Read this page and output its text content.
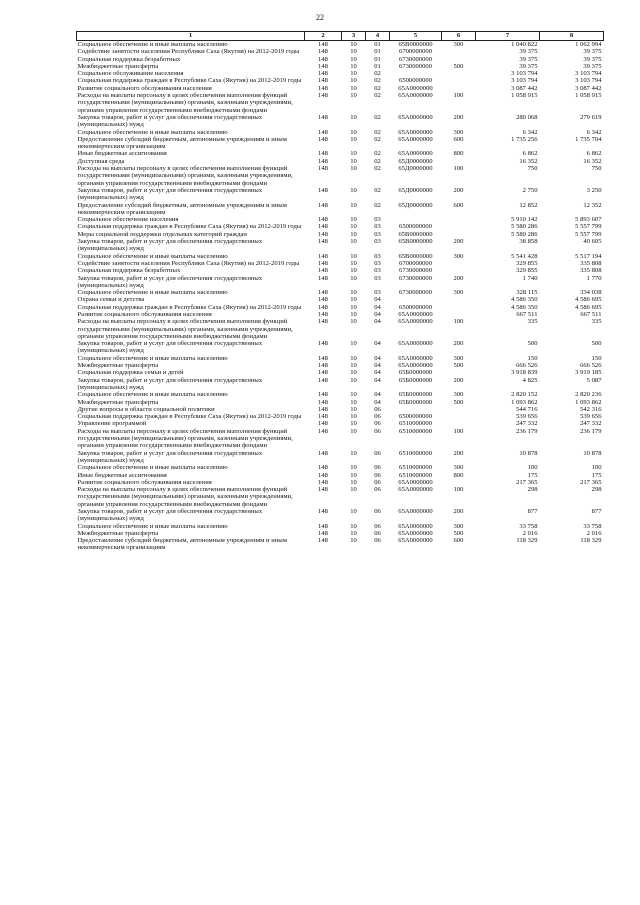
22
1	2	3	4	5	6	7	8
Социальное обеспечение и иные выплаты населению	148	10	01	65В0000000	300	1 040 822	1 062 994
Содействие занятости населения Республики Саха (Якутия) на 2012-2019 годы	148	10	01	6700000000		39 375	39 375
Социальная поддержка безработных	148	10	01	6730000000		39 375	39 375
Межбюджетные трансферты	148	10	01	6730000000	500	39 375	39 375
Социальное обслуживание населения	148	10	02			3 103 794	3 103 794
Социальная поддержка граждан в Республике Саха (Якутия) на 2012-2019 годы	148	10	02	6500000000		3 103 794	3 103 794
Развитие социального обслуживания населения	148	10	02	65А0000000		3 087 442	3 087 442
Расходы на выплаты персоналу в целях обеспечения выполнения функций государственными (муниципальными) органами, казенными учреждениями, органами управления государственными внебюджетными фондами	148	10	02	65А0000000	100	1 058 915	1 058 915
Закупка товаров, работ и услуг для обеспечения государственных (муниципальных) нужд	148	10	02	65А0000000	200	280 068	279 619
Социальное обеспечение и иные выплаты населению	148	10	02	65А0000000	300	6 342	6 342
Предоставление субсидий бюджетным, автономным учреждениям и иным некоммерческим организациям	148	10	02	65А0000000	600	1 735 256	1 735 704
Иные бюджетные ассигнования	148	10	02	65А0000000	800	6 862	6 862
Доступная среда	148	10	02	65Д0000000		16 352	16 352
Расходы на выплаты персоналу в целях обеспечения выполнения функций государственными (муниципальными) органами, казенными учреждениями, органами управления государственными внебюджетными фондами	148	10	02	65Д0000000	100	750	750
Закупка товаров, работ и услуг для обеспечения государственных (муниципальных) нужд	148	10	02	65Д0000000	200	2 750	3 250
Предоставление субсидий бюджетным, автономным учреждениям и иным некоммерческим организациям	148	10	02	65Д0000000	600	12 852	12 352
Социальное обеспечение населения	148	10	03			5 910 142	5 893 607
Социальная поддержка граждан в Республике Саха (Якутия) на 2012-2019 годы	148	10	03	6500000000		5 580 286	5 557 799
Меры социальной поддержки отдельных категорий граждан	148	10	03	65В0000000		5 580 286	5 557 799
Закупка товаров, работ и услуг для обеспечения государственных (муниципальных) нужд	148	10	03	65В0000000	200	38 858	40 605
Социальное обеспечение и иные выплаты населению	148	10	03	65В0000000	300	5 541 428	5 517 194
Содействие занятости населения Республики Саха (Якутия) на 2012-2019 годы	148	10	03	6700000000		329 855	335 808
Социальная поддержка безработных	148	10	03	6730000000		329 855	335 808
Закупка товаров, работ и услуг для обеспечения государственных (муниципальных) нужд	148	10	03	6730000000	200	1 740	1 770
Социальное обеспечение и иные выплаты населению	148	10	03	6730000000	300	328 115	334 038
Охрана семьи и детства	148	10	04			4 586 350	4 586 695
Социальная поддержка граждан в Республике Саха (Якутия) на 2012-2019 годы	148	10	04	6500000000		4 586 350	4 586 695
Развитие социального обслуживания населения	148	10	04	65А0000000		667 511	667 511
Расходы на выплаты персоналу в целях обеспечения выполнения функций государственными (муниципальными) органами, казенными учреждениями, органами управления государственными внебюджетными фондами	148	10	04	65А0000000	100	335	335
Закупка товаров, работ и услуг для обеспечения государственных (муниципальных) нужд	148	10	04	65А0000000	200	500	500
Социальное обеспечение и иные выплаты населению	148	10	04	65А0000000	300	150	150
Межбюджетные трансферты	148	10	04	65А0000000	500	666 526	666 526
Социальная поддержка семьи и детей	148	10	04	65Б0000000		3 918 839	3 919 185
Закупка товаров, работ и услуг для обеспечения государственных (муниципальных) нужд	148	10	04	65Б0000000	200	4 825	5 087
Социальное обеспечение и иные выплаты населению	148	10	04	65Б0000000	300	2 820 152	2 820 236
Межбюджетные трансферты	148	10	04	65Б0000000	500	1 093 862	1 093 862
Другие вопросы в области социальной политики	148	10	06			544 716	542 316
Социальная поддержка граждан в Республике Саха (Якутия) на 2012-2019 годы	148	10	06	6500000000		539 656	539 656
Управление программой	148	10	06	6510000000		247 332	247 332
Расходы на выплаты персоналу в целях обеспечения выполнения функций государственными (муниципальными) органами, казенными учреждениями, органами управления государственными внебюджетными фондами	148	10	06	6510000000	100	236 179	236 179
Закупка товаров, работ и услуг для обеспечения государственных (муниципальных) нужд	148	10	06	6510000000	200	10 878	10 878
Социальное обеспечение и иные выплаты населению	148	10	06	6510000000	300	100	100
Иные бюджетные ассигнования	148	10	06	6510000000	800	175	175
Развитие социального обслуживания населения	148	10	06	65А0000000		217 365	217 365
Расходы на выплаты персоналу в целях обеспечения выполнения функций государственными (муниципальными) органами, казенными учреждениями, органами управления государственными внебюджетными фондами	148	10	06	65А0000000	100	298	298
Закупка товаров, работ и услуг для обеспечения государственных (муниципальных) нужд	148	10	06	65А0000000	200	877	877
Социальное обеспечение и иные выплаты населению	148	10	06	65А0000000	300	33 758	33 758
Межбюджетные трансферты	148	10	06	65А0000000	500	2 016	2 016
Предоставление субсидий бюджетным, автономным учреждениям и иным некоммерческим организациям	148	10	06	65А0000000	600	118 329	118 329
